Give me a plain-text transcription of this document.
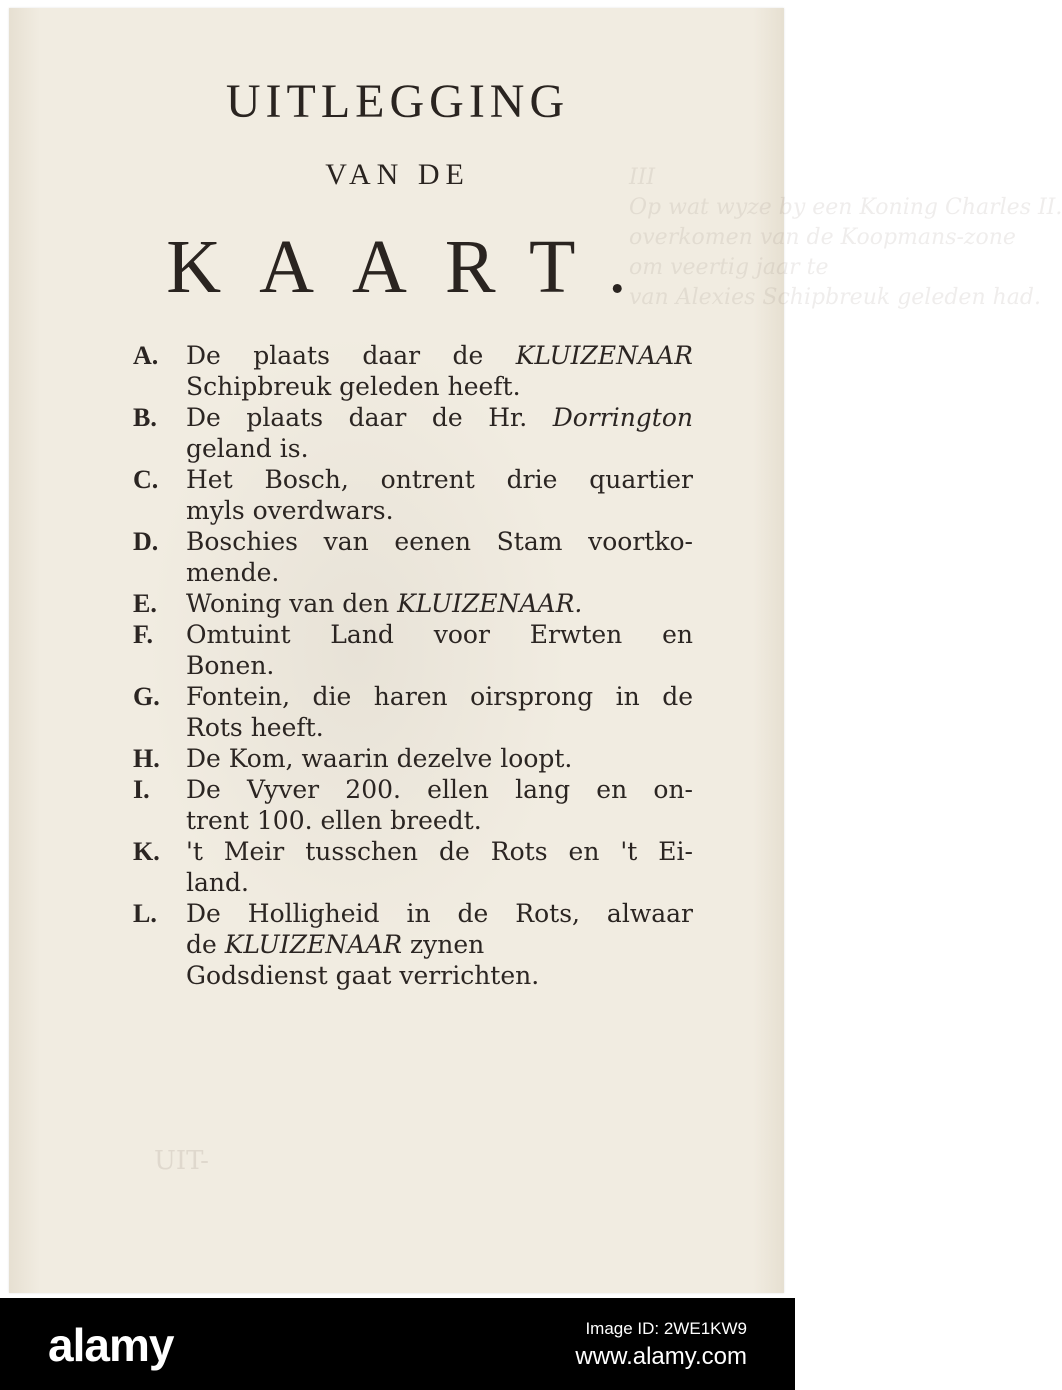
III
Op wat wyze by een Koning Charles II.
overkomen van de Koopmans-zone
om veertig jaar te
van Alexies Schipbreuk geleden had.
UIT-
UITLEGGING
VAN DE
KAART.
A. De plaats daar de KLUIZENAAR
Schipbreuk geleden heeft.
B. De plaats daar de Hr. Dorrington
geland is.
C. Het Bosch, ontrent drie quartier
myls overdwars.
D. Boschies van eenen Stam voortko-
mende.
E. Woning van den KLUIZENAAR.
F. Omtuint Land voor Erwten en
Bonen.
G. Fontein, die haren oirsprong in de
Rots heeft.
H. De Kom, waarin dezelve loopt.
I. De Vyver 200. ellen lang en on-
trent 100. ellen breedt.
K. 't Meir tusschen de Rots en 't Ei-
land.
L. De Holligheid in de Rots, alwaar
de KLUIZENAAR zynen
Godsdienst gaat verrichten.
alamy	Image ID: 2WE1KW9
www.alamy.com
